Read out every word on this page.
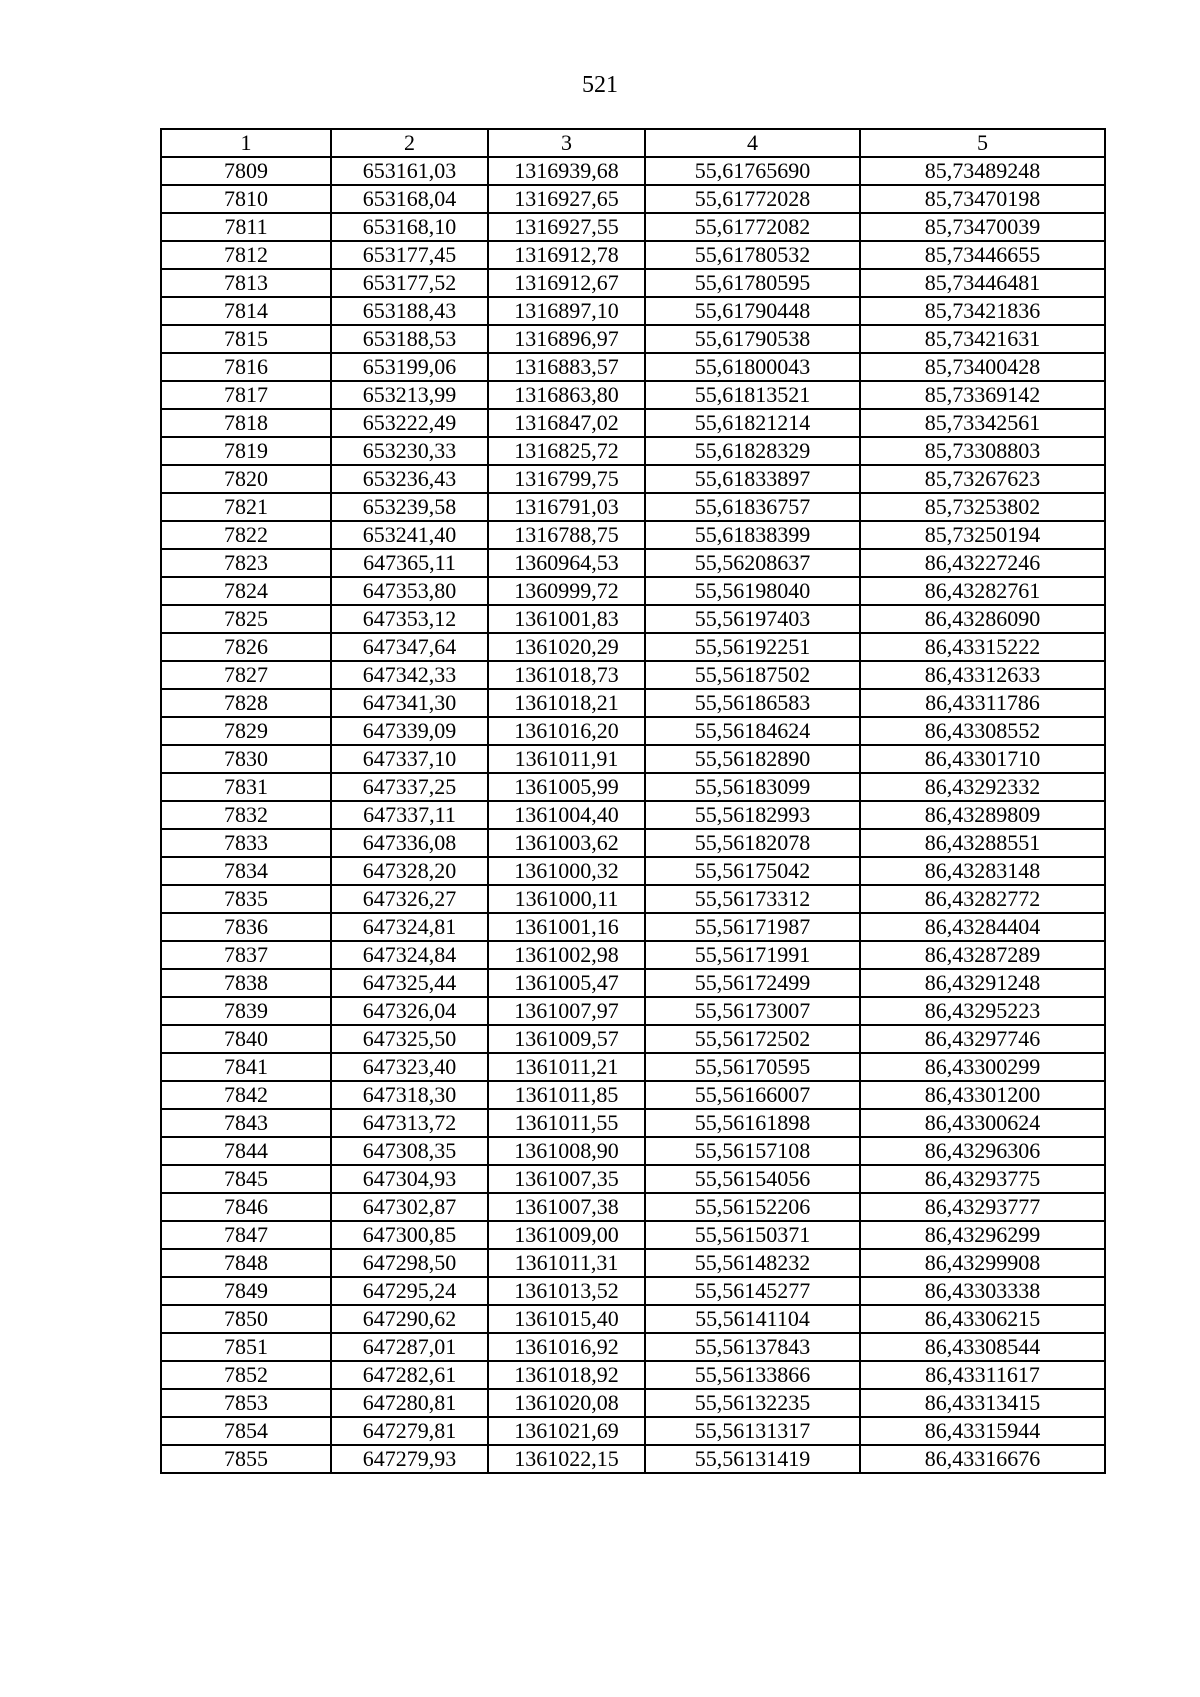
521
1	2	3	4	5
7809	653161,03	1316939,68	55,61765690	85,73489248
7810	653168,04	1316927,65	55,61772028	85,73470198
7811	653168,10	1316927,55	55,61772082	85,73470039
7812	653177,45	1316912,78	55,61780532	85,73446655
7813	653177,52	1316912,67	55,61780595	85,73446481
7814	653188,43	1316897,10	55,61790448	85,73421836
7815	653188,53	1316896,97	55,61790538	85,73421631
7816	653199,06	1316883,57	55,61800043	85,73400428
7817	653213,99	1316863,80	55,61813521	85,73369142
7818	653222,49	1316847,02	55,61821214	85,73342561
7819	653230,33	1316825,72	55,61828329	85,73308803
7820	653236,43	1316799,75	55,61833897	85,73267623
7821	653239,58	1316791,03	55,61836757	85,73253802
7822	653241,40	1316788,75	55,61838399	85,73250194
7823	647365,11	1360964,53	55,56208637	86,43227246
7824	647353,80	1360999,72	55,56198040	86,43282761
7825	647353,12	1361001,83	55,56197403	86,43286090
7826	647347,64	1361020,29	55,56192251	86,43315222
7827	647342,33	1361018,73	55,56187502	86,43312633
7828	647341,30	1361018,21	55,56186583	86,43311786
7829	647339,09	1361016,20	55,56184624	86,43308552
7830	647337,10	1361011,91	55,56182890	86,43301710
7831	647337,25	1361005,99	55,56183099	86,43292332
7832	647337,11	1361004,40	55,56182993	86,43289809
7833	647336,08	1361003,62	55,56182078	86,43288551
7834	647328,20	1361000,32	55,56175042	86,43283148
7835	647326,27	1361000,11	55,56173312	86,43282772
7836	647324,81	1361001,16	55,56171987	86,43284404
7837	647324,84	1361002,98	55,56171991	86,43287289
7838	647325,44	1361005,47	55,56172499	86,43291248
7839	647326,04	1361007,97	55,56173007	86,43295223
7840	647325,50	1361009,57	55,56172502	86,43297746
7841	647323,40	1361011,21	55,56170595	86,43300299
7842	647318,30	1361011,85	55,56166007	86,43301200
7843	647313,72	1361011,55	55,56161898	86,43300624
7844	647308,35	1361008,90	55,56157108	86,43296306
7845	647304,93	1361007,35	55,56154056	86,43293775
7846	647302,87	1361007,38	55,56152206	86,43293777
7847	647300,85	1361009,00	55,56150371	86,43296299
7848	647298,50	1361011,31	55,56148232	86,43299908
7849	647295,24	1361013,52	55,56145277	86,43303338
7850	647290,62	1361015,40	55,56141104	86,43306215
7851	647287,01	1361016,92	55,56137843	86,43308544
7852	647282,61	1361018,92	55,56133866	86,43311617
7853	647280,81	1361020,08	55,56132235	86,43313415
7854	647279,81	1361021,69	55,56131317	86,43315944
7855	647279,93	1361022,15	55,56131419	86,43316676
